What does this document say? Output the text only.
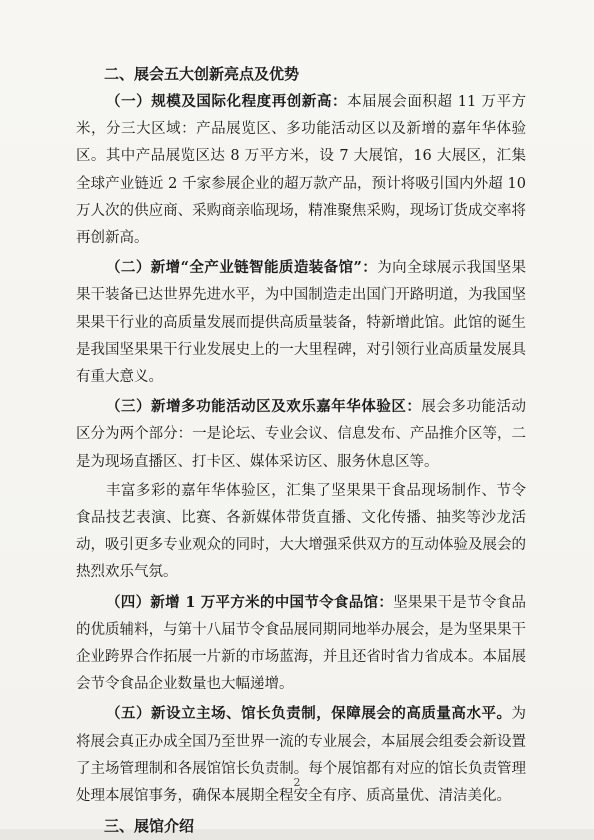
二、展会五大创新亮点及优势

（一）规模及国际化程度再创新高：本届展会面积超 11 万平方米，分三大区域：产品展览区、多功能活动区以及新增的嘉年华体验区。其中产品展览区达 8 万平方米，设 7 大展馆，16 大展区，汇集全球产业链近 2 千家参展企业的超万款产品，预计将吸引国内外超 10 万人次的供应商、采购商亲临现场，精准聚焦采购，现场订货成交率将再创新高。

（二）新增“全产业链智能质造装备馆”：为向全球展示我国坚果果干装备已达世界先进水平，为中国制造走出国门开路明道，为我国坚果果干行业的高质量发展而提供高质量装备，特新增此馆。此馆的诞生是我国坚果果干行业发展史上的一大里程碑，对引领行业高质量发展具有重大意义。

（三）新增多功能活动区及欢乐嘉年华体验区：展会多功能活动区分为两个部分：一是论坛、专业会议、信息发布、产品推介区等，二是为现场直播区、打卡区、媒体采访区、服务休息区等。

丰富多彩的嘉年华体验区，汇集了坚果果干食品现场制作、节令食品技艺表演、比赛、各新媒体带货直播、文化传播、抽奖等沙龙活动，吸引更多专业观众的同时，大大增强采供双方的互动体验及展会的热烈欢乐气氛。

（四）新增 1 万平方米的中国节令食品馆：坚果果干是节令食品的优质辅料，与第十八届节令食品展同期同地举办展会，是为坚果果干企业跨界合作拓展一片新的市场蓝海，并且还省时省力省成本。本届展会节令食品企业数量也大幅递增。

（五）新设立主场、馆长负责制，保障展会的高质量高水平。为将展会真正办成全国乃至世界一流的专业展会，本届展会组委会新设置了主场管理制和各展馆馆长负责制。每个展馆都有对应的馆长负责管理处理本展馆事务，确保本展期全程安全有序、质高量优、清洁美化。

三、展馆介绍
2
